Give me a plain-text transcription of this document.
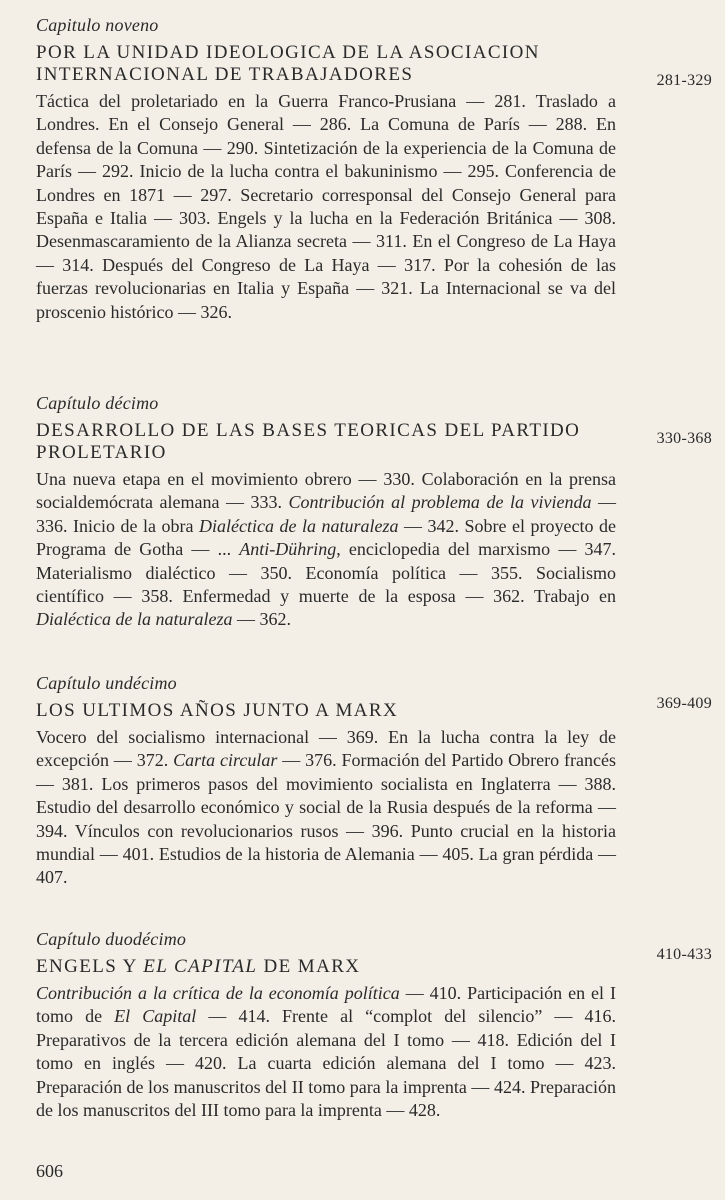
Capitulo noveno

POR LA UNIDAD IDEOLOGICA DE LA ASOCIACION INTERNACIONAL DE TRABAJADORES

Táctica del proletariado en la Guerra Franco-Prusiana — 281. Traslado a Londres. En el Consejo General — 286. La Comuna de París — 288. En defensa de la Comuna — 290. Sintetización de la experiencia de la Comuna de París — 292. Inicio de la lucha contra el bakuninismo — 295. Conferencia de Londres en 1871 — 297. Secretario corresponsal del Consejo General para España e Italia — 303. Engels y la lucha en la Federación Británica — 308. Desenmascaramiento de la Alianza secreta — 311. En el Congreso de La Haya — 314. Después del Congreso de La Haya — 317. Por la cohesión de las fuerzas revolucionarias en Italia y España — 321. La Internacional se va del proscenio histórico — 326.

281-329

Capítulo décimo

DESARROLLO DE LAS BASES TEORICAS DEL PARTIDO PROLETARIO

Una nueva etapa en el movimiento obrero — 330. Colaboración en la prensa socialdemócrata alemana — 333. Contribución al problema de la vivienda — 336. Inicio de la obra Dialéctica de la naturaleza — 342. Sobre el proyecto de Programa de Gotha — ... Anti-Dühring, enciclopedia del marxismo — 347. Materialismo dialéctico — 350. Economía política — 355. Socialismo científico — 358. Enfermedad y muerte de la esposa — 362. Trabajo en Dialéctica de la naturaleza — 362.

330-368

Capítulo undécimo

LOS ULTIMOS AÑOS JUNTO A MARX

Vocero del socialismo internacional — 369. En la lucha contra la ley de excepción — 372. Carta circular — 376. Formación del Partido Obrero francés — 381. Los primeros pasos del movimiento socialista en Inglaterra — 388. Estudio del desarrollo económico y social de la Rusia después de la reforma — 394. Vínculos con revolucionarios rusos — 396. Punto crucial en la historia mundial — 401. Estudios de la historia de Alemania — 405. La gran pérdida — 407.

369-409

Capítulo duodécimo

ENGELS Y EL CAPITAL DE MARX

Contribución a la crítica de la economía política — 410. Participación en el I tomo de El Capital — 414. Frente al “complot del silencio” — 416. Preparativos de la tercera edición alemana del I tomo — 418. Edición del I tomo en inglés — 420. La cuarta edición alemana del I tomo — 423. Preparación de los manuscritos del II tomo para la imprenta — 424. Preparación de los manuscritos del III tomo para la imprenta — 428.

410-433
606
